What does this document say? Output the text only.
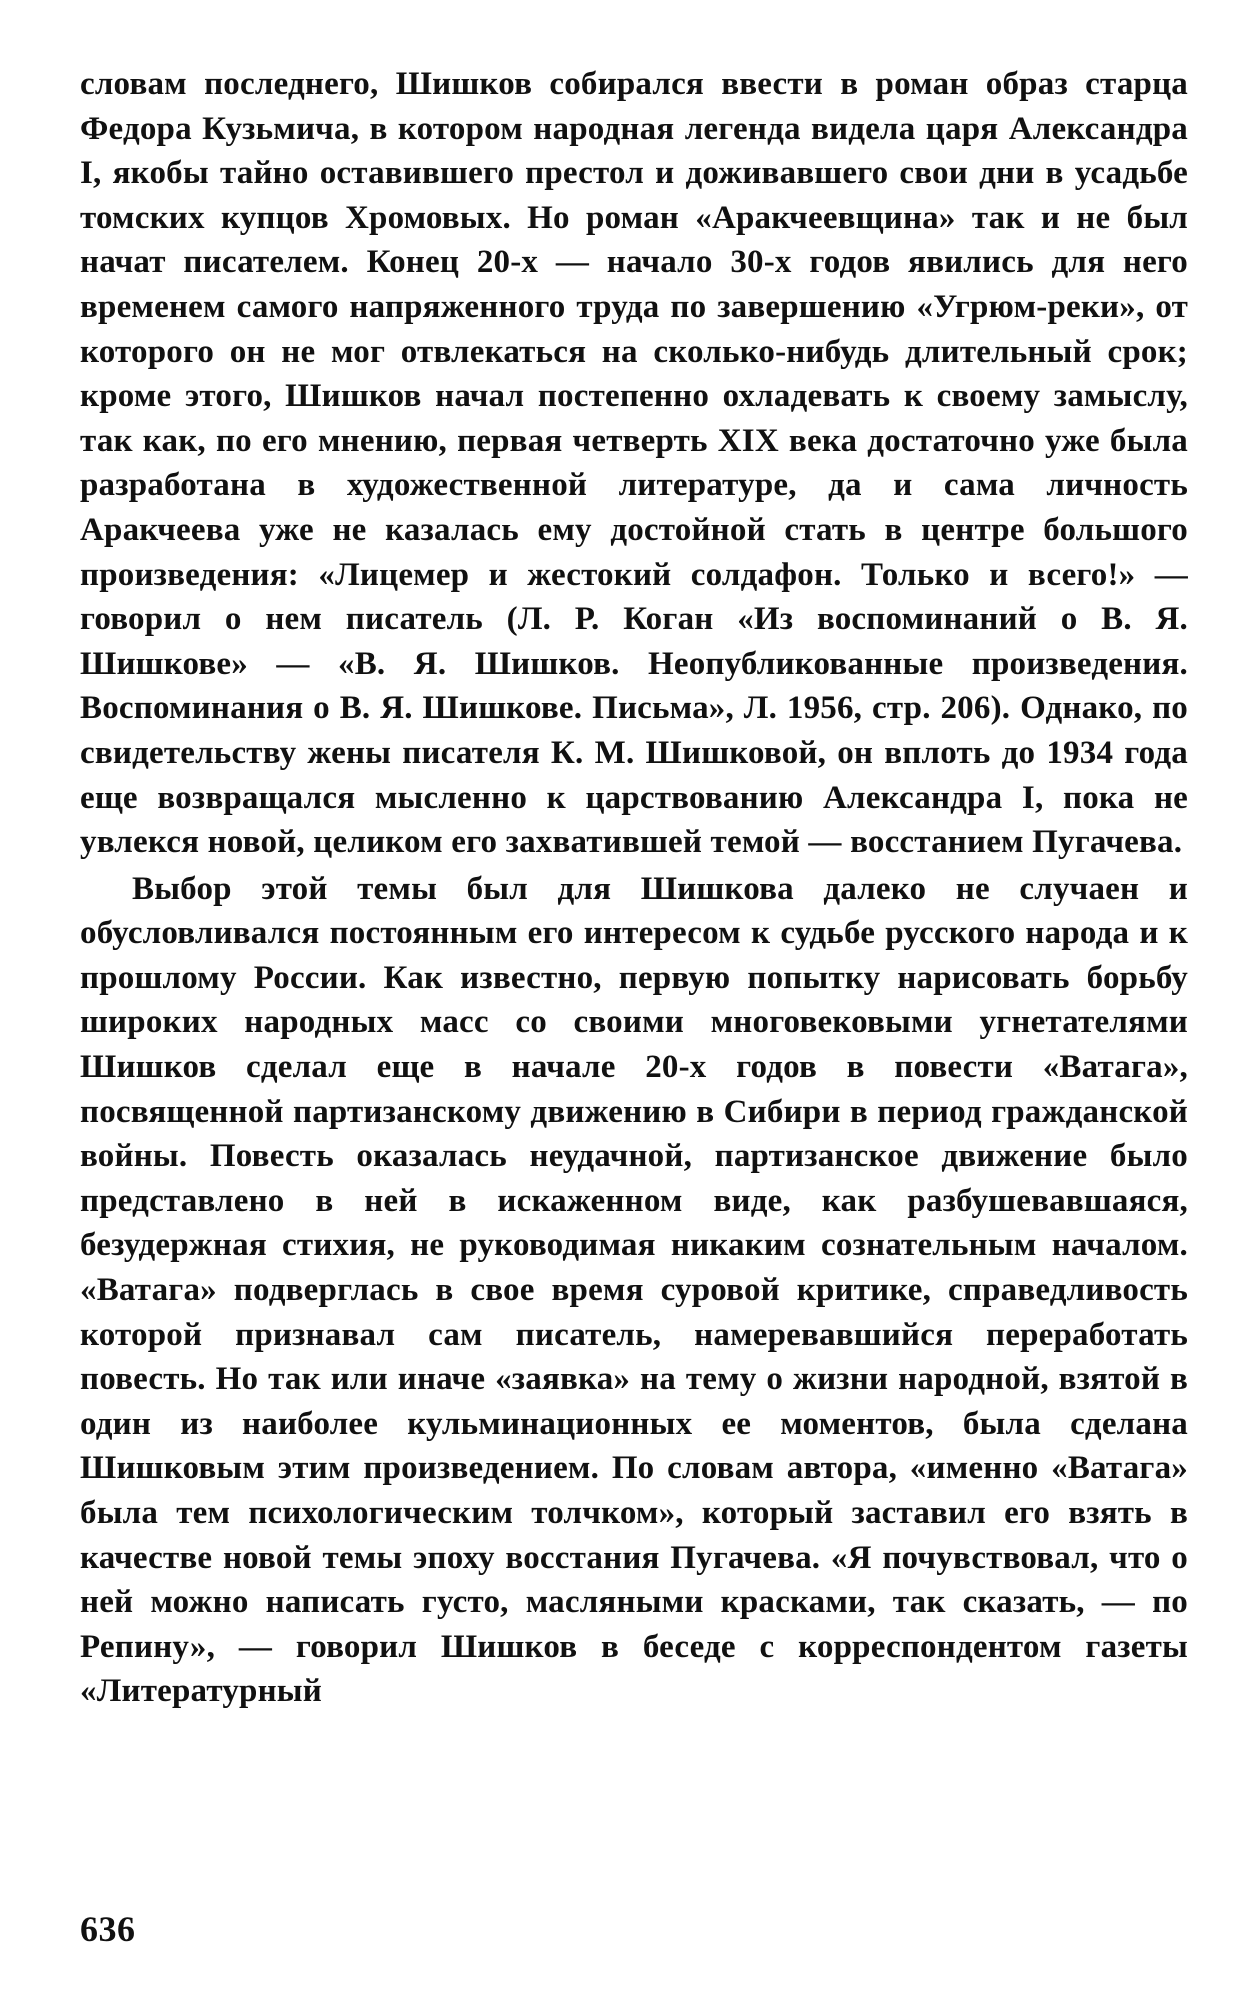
словам последнего, Шишков собирался ввести в роман образ старца Федора Кузьмича, в котором народная легенда видела царя Александра I, якобы тайно оставившего престол и доживавшего свои дни в усадьбе томских купцов Хромовых. Но роман «Аракчеевщина» так и не был начат писателем. Конец 20-х — начало 30-х годов явились для него временем самого напряженного труда по завершению «Угрюм-реки», от которого он не мог отвлекаться на сколько-нибудь длительный срок; кроме этого, Шишков начал постепенно охладевать к своему замыслу, так как, по его мнению, первая четверть XIX века достаточно уже была разработана в художественной литературе, да и сама личность Аракчеева уже не казалась ему достойной стать в центре большого произведения: «Лицемер и жестокий солдафон. Только и всего!» — говорил о нем писатель (Л. Р. Коган «Из воспоминаний о В. Я. Шишкове» — «В. Я. Шишков. Неопубликованные произведения. Воспоминания о В. Я. Шишкове. Письма», Л. 1956, стр. 206). Однако, по свидетельству жены писателя К. М. Шишковой, он вплоть до 1934 года еще возвращался мысленно к царствованию Александра I, пока не увлекся новой, целиком его захватившей темой — восстанием Пугачева.

Выбор этой темы был для Шишкова далеко не случаен и обусловливался постоянным его интересом к судьбе русского народа и к прошлому России. Как известно, первую попытку нарисовать борьбу широких народных масс со своими многовековыми угнетателями Шишков сделал еще в начале 20-х годов в повести «Ватага», посвященной партизанскому движению в Сибири в период гражданской войны. Повесть оказалась неудачной, партизанское движение было представлено в ней в искаженном виде, как разбушевавшаяся, безудержная стихия, не руководимая никаким сознательным началом. «Ватага» подверглась в свое время суровой критике, справедливость которой признавал сам писатель, намеревавшийся переработать повесть. Но так или иначе «заявка» на тему о жизни народной, взятой в один из наиболее кульминационных ее моментов, была сделана Шишковым этим произведением. По словам автора, «именно «Ватага» была тем психологическим толчком», который заставил его взять в качестве новой темы эпоху восстания Пугачева. «Я почувствовал, что о ней можно написать густо, масляными красками, так сказать, — по Репину», — говорил Шишков в беседе с корреспондентом газеты «Литературный

636
